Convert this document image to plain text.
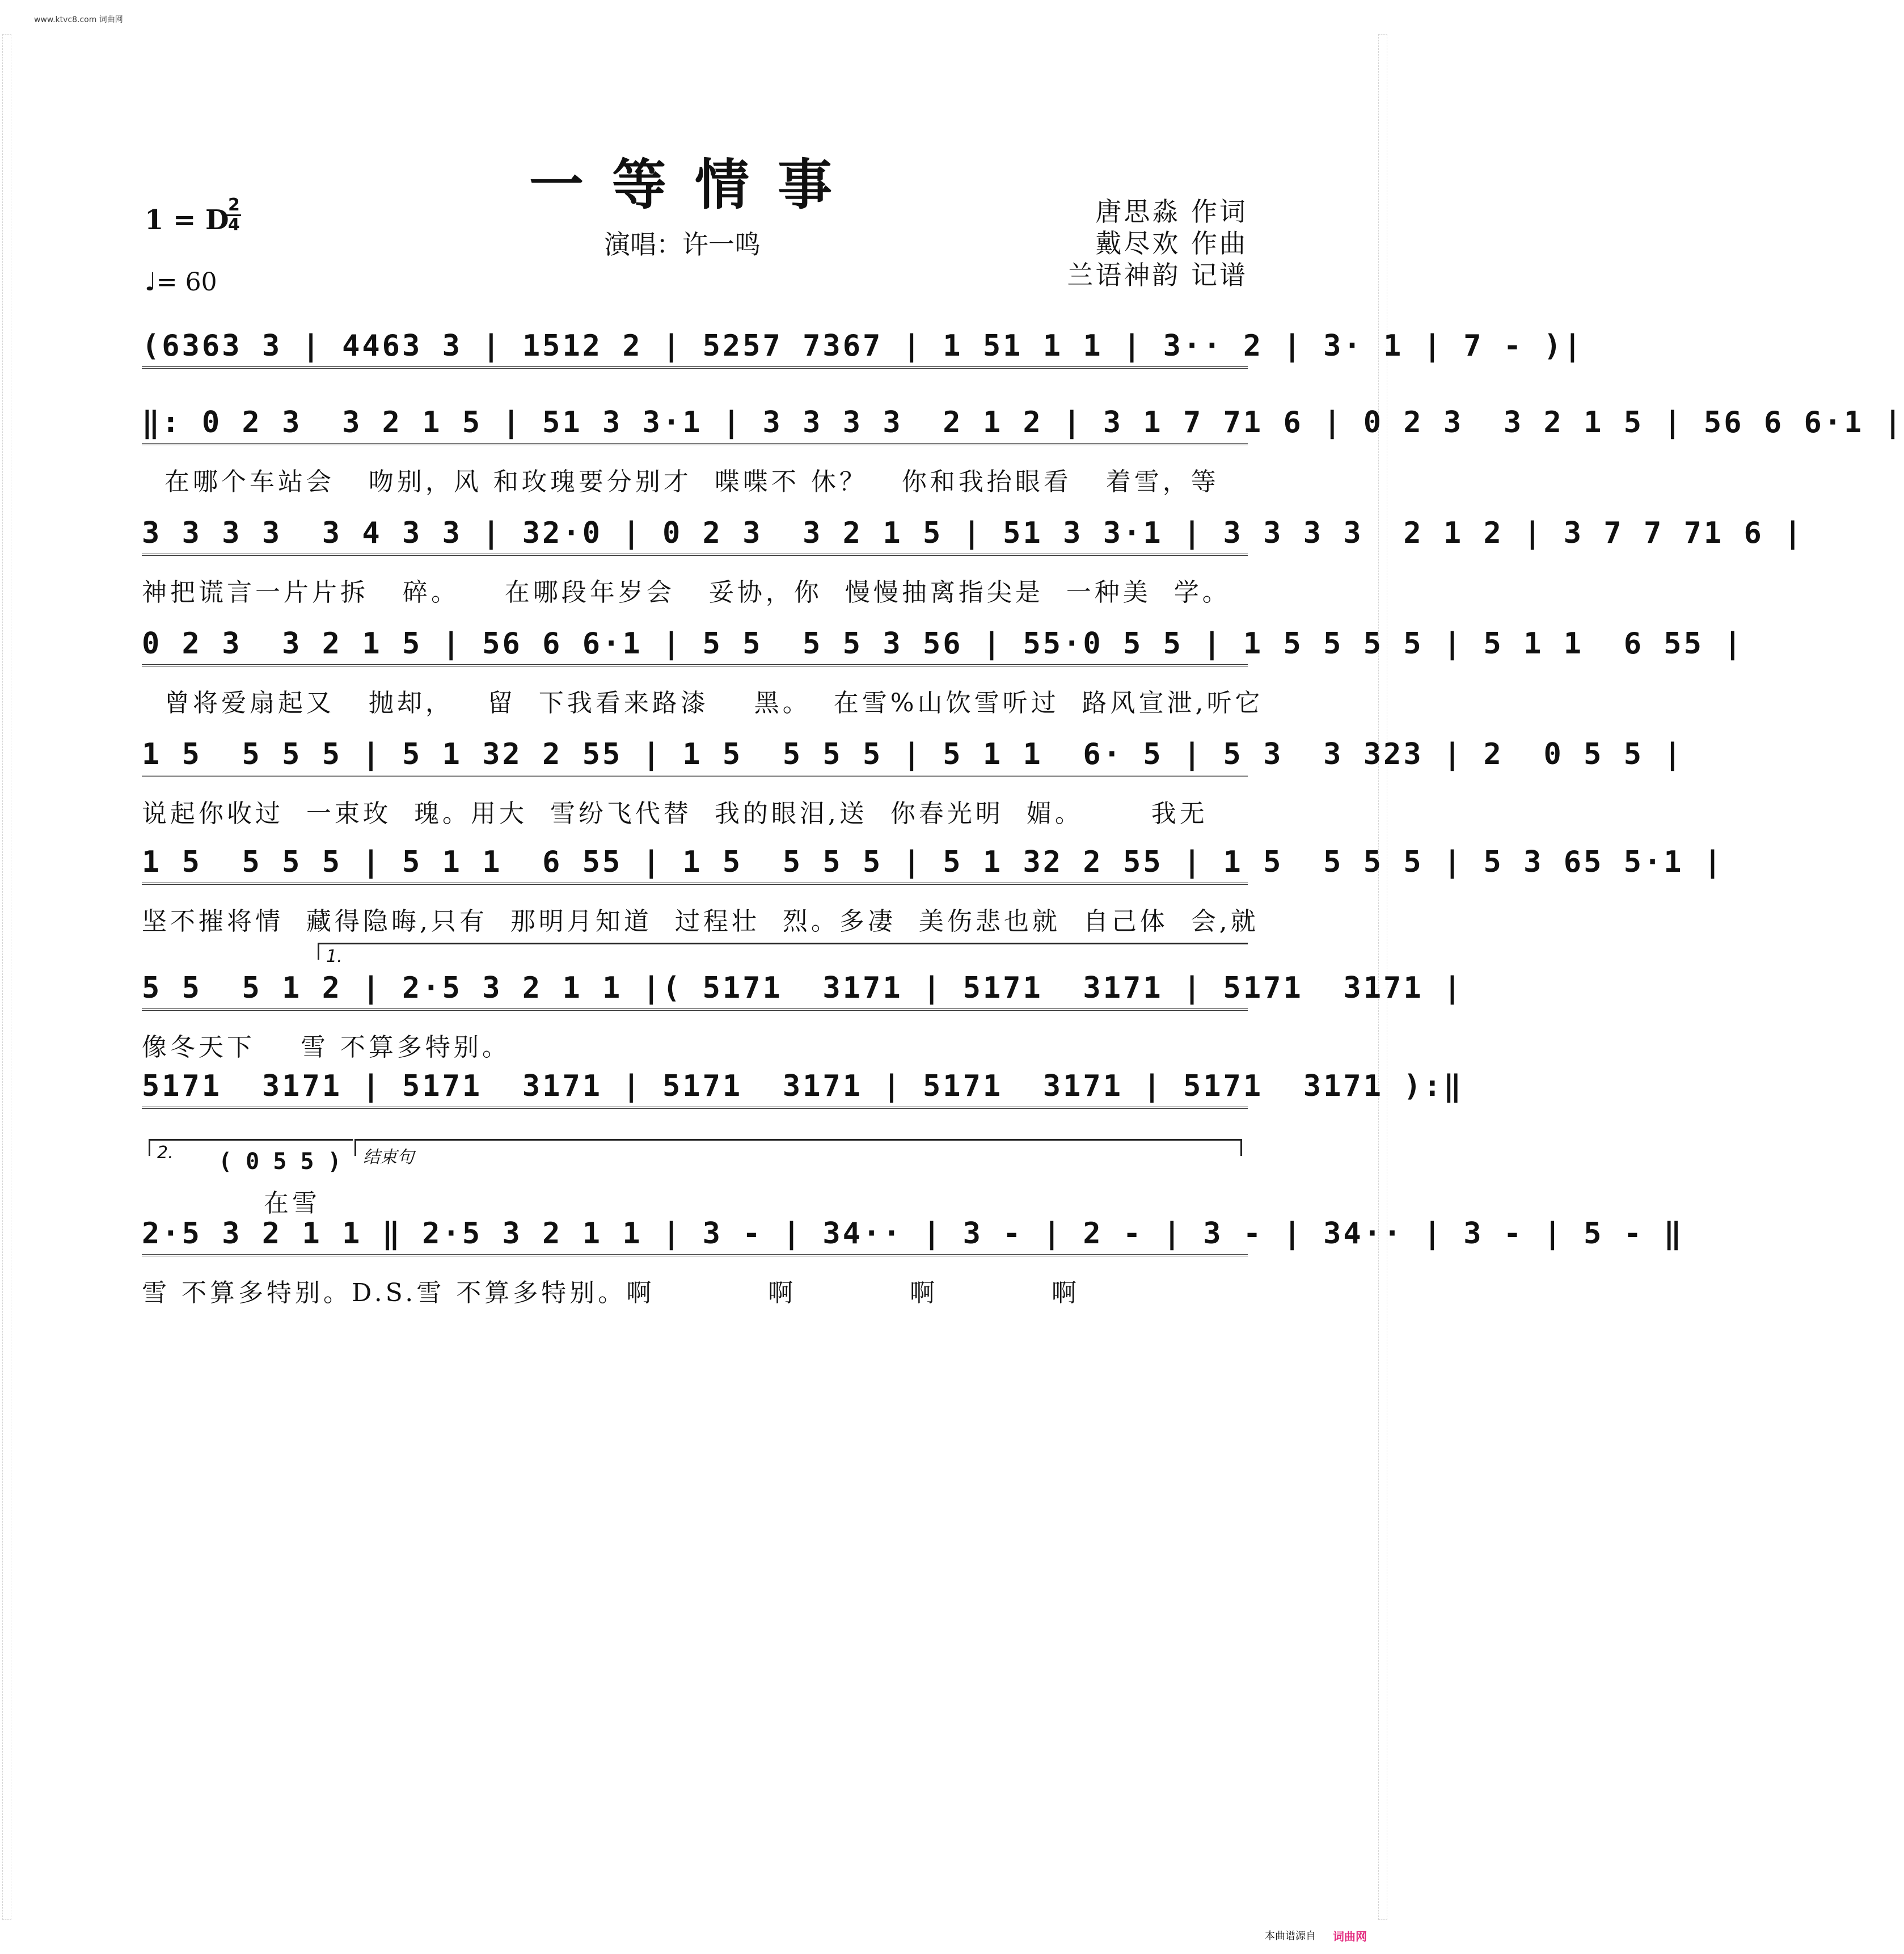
www.ktvc8.com 词曲网
一等情事
1 = D
2
4
♩= 60
演唱：许一鸣
唐思淼 作词
戴尽欢 作曲
兰语神韵 记谱
(6363 3 | 4463 3 | 1512 2 | 5257 7367 | 1 51 1 1 | 3·· 2 | 3· 1 | 7 - )|
‖: 0 2 3  3 2 1 5 | 51 3 3·1 | 3 3 3 3  2 1 2 | 3 1 7 71 6 | 0 2 3  3 2 1 5 | 56 6 6·1 |
在哪个车站会   吻别，风 和玫瑰要分别才  喋喋不 休？   你和我抬眼看   着雪，等
3 3 3 3  3 4 3 3 | 32·0 | 0 2 3  3 2 1 5 | 51 3 3·1 | 3 3 3 3  2 1 2 | 3 7 7 71 6 |
神把谎言一片片拆   碎。    在哪段年岁会   妥协，你  慢慢抽离指尖是  一种美  学。
0 2 3  3 2 1 5 | 56 6 6·1 | 5 5  5 5 3 56 | 55·0 5 5 | 1 5 5 5 5 | 5 1 1  6 55 |
曾将爱扇起又   抛却，   留  下我看来路漆    黑。  在雪%山饮雪听过  路风宣泄,听它
1 5  5 5 5 | 5 1 32 2 55 | 1 5  5 5 5 | 5 1 1  6· 5 | 5 3  3 323 | 2  0 5 5 |
说起你收过  一束玫  瑰。用大  雪纷飞代替  我的眼泪,送  你春光明  媚。      我无
1 5  5 5 5 | 5 1 1  6 55 | 1 5  5 5 5 | 5 1 32 2 55 | 1 5  5 5 5 | 5 3 65 5·1 |
坚不摧将情  藏得隐晦,只有  那明月知道  过程壮  烈。多凄  美伤悲也就  自己体  会,就
1.
5 5  5 1 2 | 2·5 3 2 1 1 |( 5171  3171 | 5171  3171 | 5171  3171 |
像冬天下    雪 不算多特别。
5171  3171 | 5171  3171 | 5171  3171 | 5171  3171 | 5171  3171 ):‖
2.	结束句
( 0 5 5 )
在雪
2·5 3 2 1 1 ‖ 2·5 3 2 1 1 | 3 - | 34·· | 3 - | 2 - | 3 - | 34·· | 3 - | 5 - ‖
雪 不算多特别。D.S.雪 不算多特别。啊          啊          啊          啊
本曲谱源自 词曲网
